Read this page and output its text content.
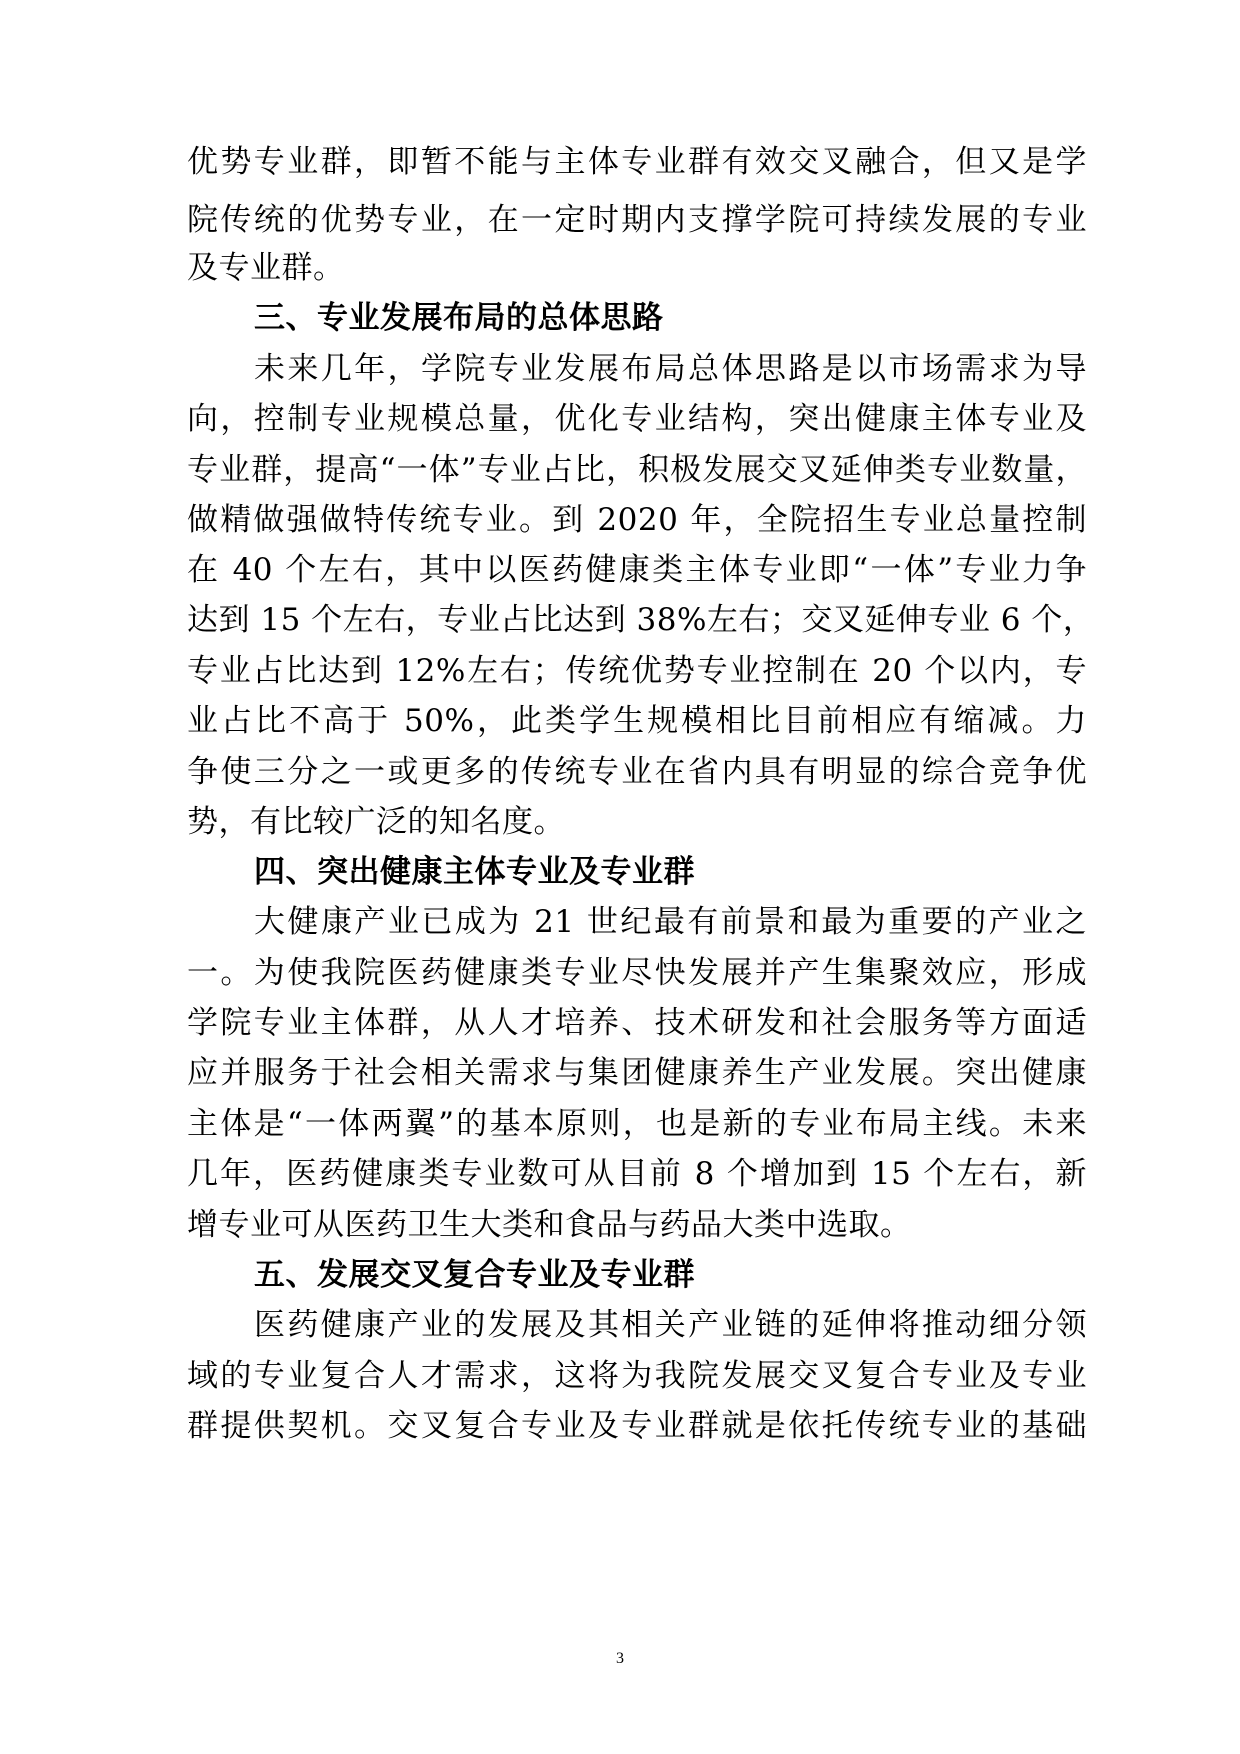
优势专业群，即暂不能与主体专业群有效交叉融合，但又是学
院传统的优势专业，在一定时期内支撑学院可持续发展的专业
及专业群。
三、专业发展布局的总体思路
未来几年，学院专业发展布局总体思路是以市场需求为导
向，控制专业规模总量，优化专业结构，突出健康主体专业及
专业群，提高“一体”专业占比，积极发展交叉延伸类专业数量，
做精做强做特传统专业。到 2020 年，全院招生专业总量控制
在 40 个左右，其中以医药健康类主体专业即“一体”专业力争
达到 15 个左右，专业占比达到 38%左右；交叉延伸专业 6 个，
专业占比达到 12%左右；传统优势专业控制在 20 个以内，专
业占比不高于 50%，此类学生规模相比目前相应有缩减。力
争使三分之一或更多的传统专业在省内具有明显的综合竞争优
势，有比较广泛的知名度。
四、突出健康主体专业及专业群
大健康产业已成为 21 世纪最有前景和最为重要的产业之
一。为使我院医药健康类专业尽快发展并产生集聚效应，形成
学院专业主体群，从人才培养、技术研发和社会服务等方面适
应并服务于社会相关需求与集团健康养生产业发展。突出健康
主体是“一体两翼”的基本原则，也是新的专业布局主线。未来
几年，医药健康类专业数可从目前 8 个增加到 15 个左右，新
增专业可从医药卫生大类和食品与药品大类中选取。
五、发展交叉复合专业及专业群
医药健康产业的发展及其相关产业链的延伸将推动细分领
域的专业复合人才需求，这将为我院发展交叉复合专业及专业
群提供契机。交叉复合专业及专业群就是依托传统专业的基础
3
